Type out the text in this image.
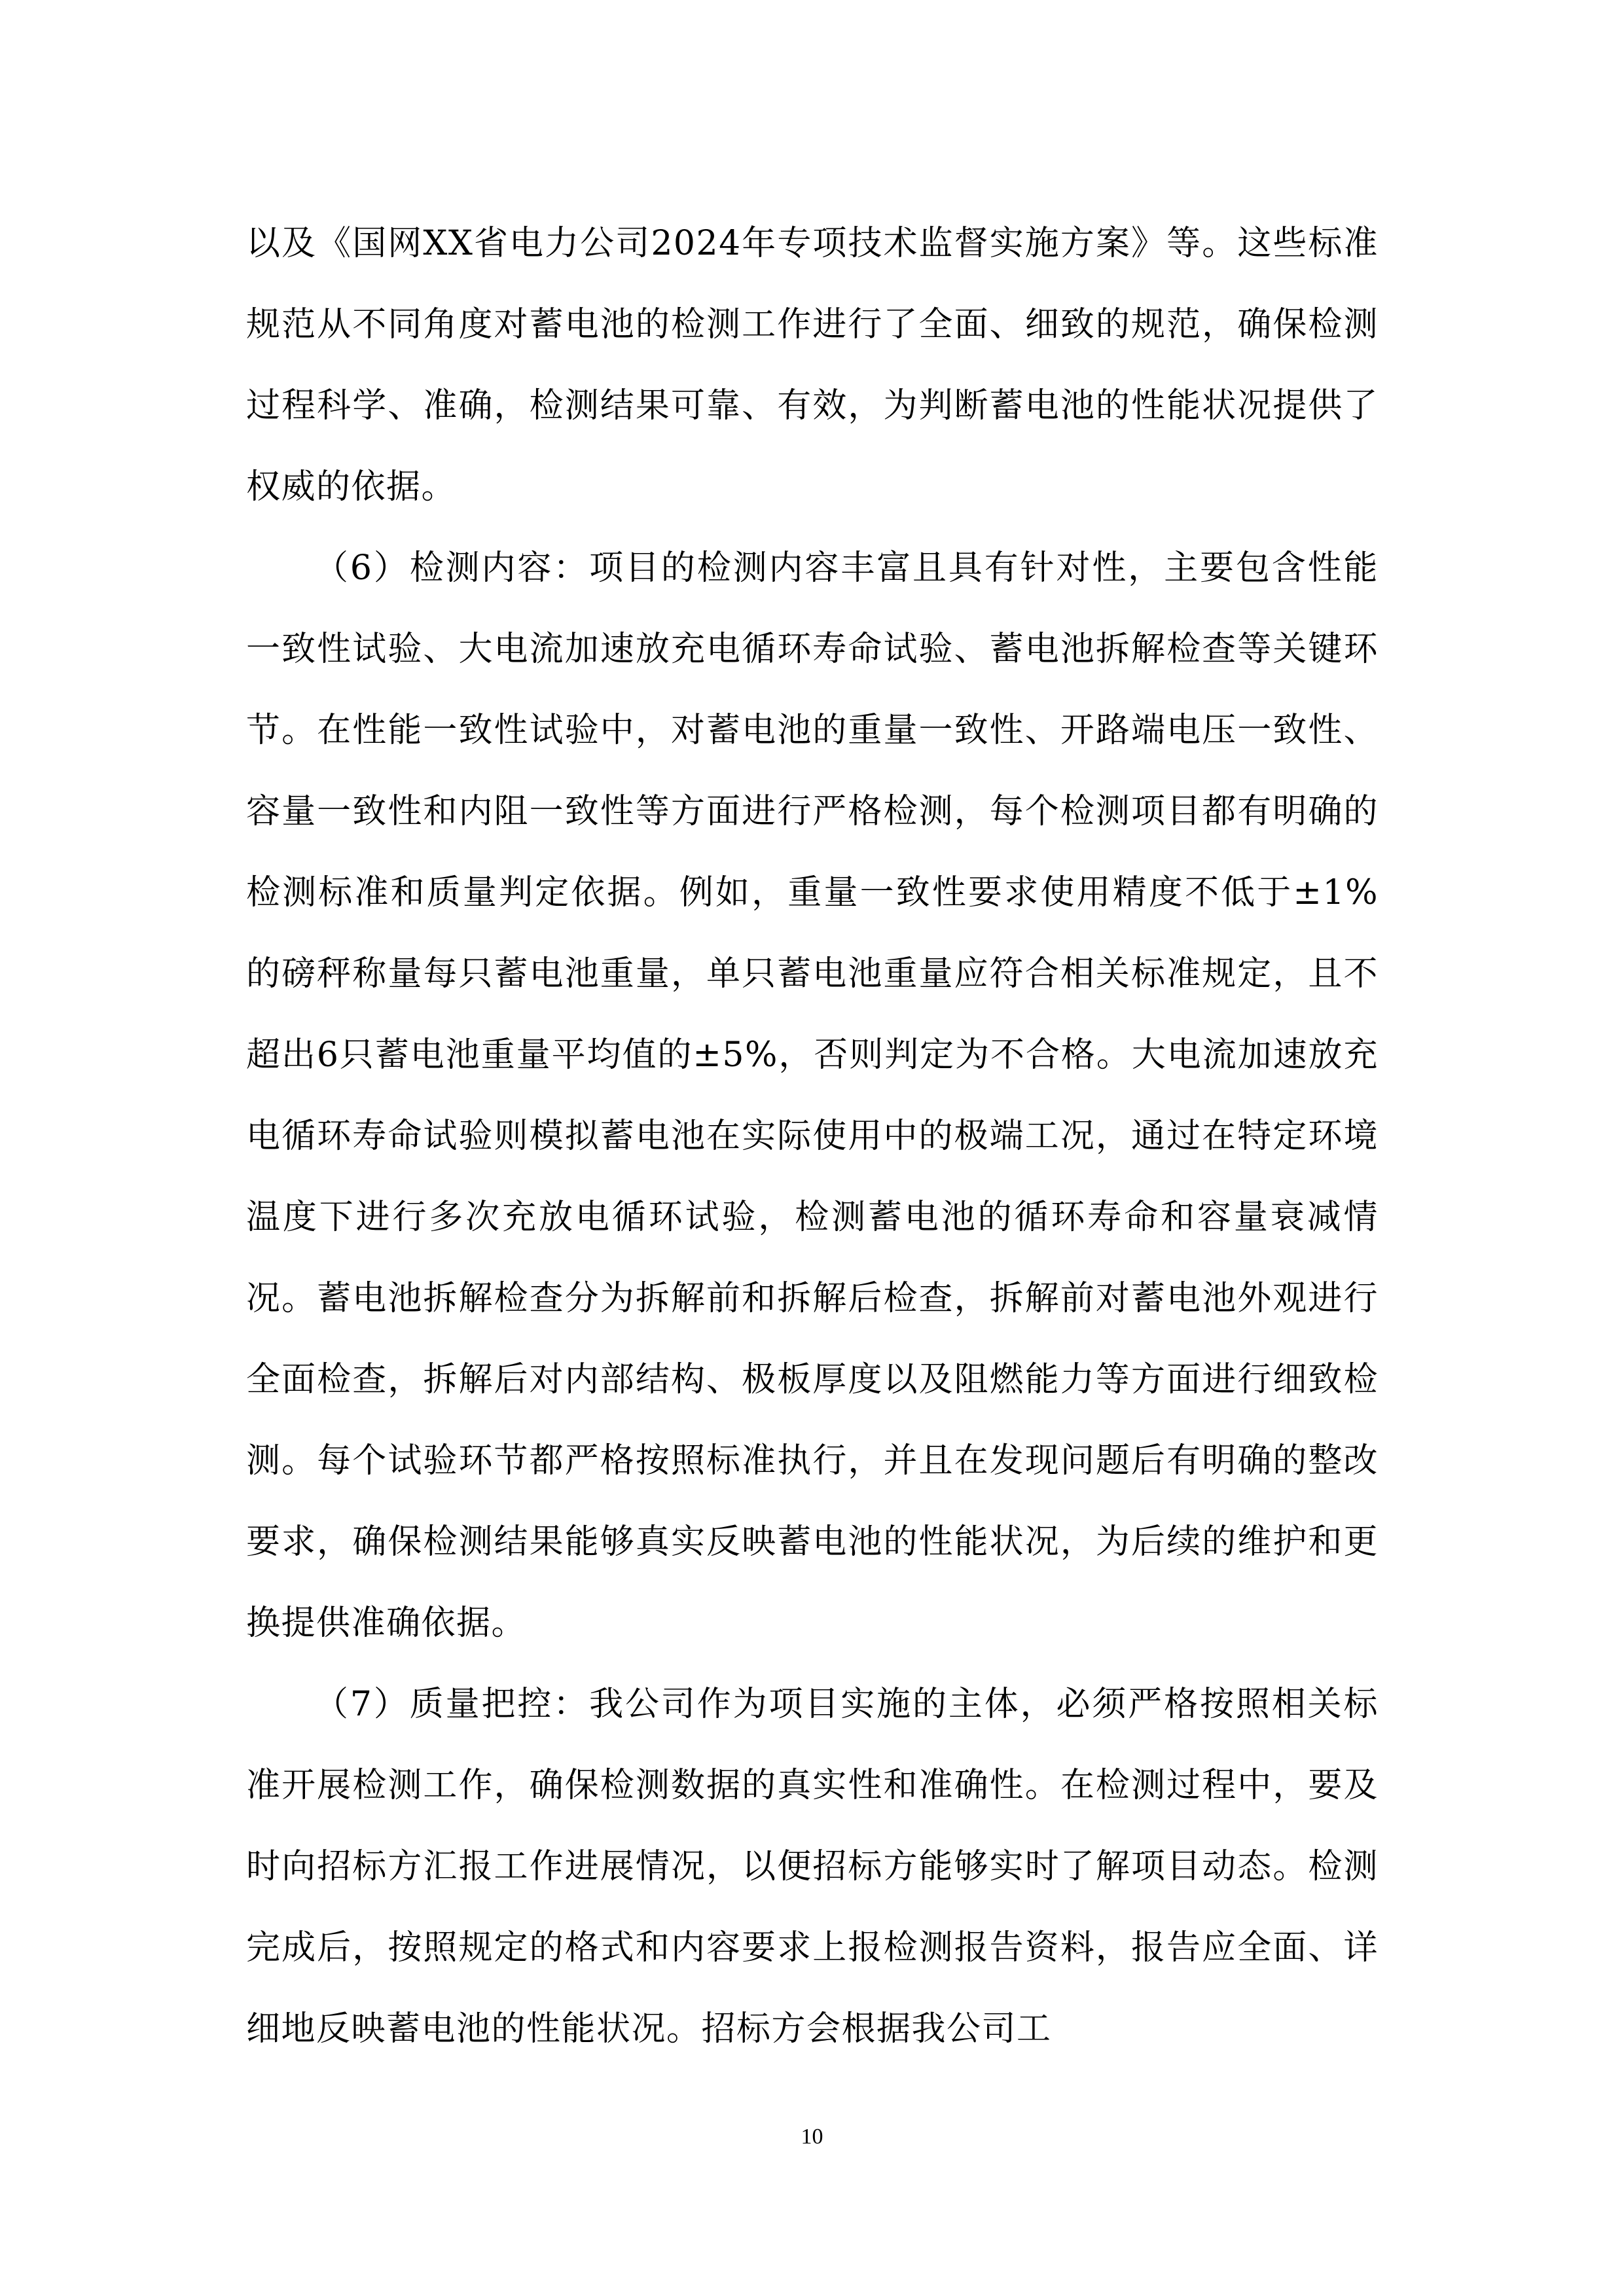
以及《国网XX省电力公司2024年专项技术监督实施方案》等。这些标准规范从不同角度对蓄电池的检测工作进行了全面、细致的规范，确保检测过程科学、准确，检测结果可靠、有效，为判断蓄电池的性能状况提供了权威的依据。

（6）检测内容：项目的检测内容丰富且具有针对性，主要包含性能一致性试验、大电流加速放充电循环寿命试验、蓄电池拆解检查等关键环节。在性能一致性试验中，对蓄电池的重量一致性、开路端电压一致性、容量一致性和内阻一致性等方面进行严格检测，每个检测项目都有明确的检测标准和质量判定依据。例如，重量一致性要求使用精度不低于±1%的磅秤称量每只蓄电池重量，单只蓄电池重量应符合相关标准规定，且不超出6只蓄电池重量平均值的±5%，否则判定为不合格。大电流加速放充电循环寿命试验则模拟蓄电池在实际使用中的极端工况，通过在特定环境温度下进行多次充放电循环试验，检测蓄电池的循环寿命和容量衰减情况。蓄电池拆解检查分为拆解前和拆解后检查，拆解前对蓄电池外观进行全面检查，拆解后对内部结构、极板厚度以及阻燃能力等方面进行细致检测。每个试验环节都严格按照标准执行，并且在发现问题后有明确的整改要求，确保检测结果能够真实反映蓄电池的性能状况，为后续的维护和更换提供准确依据。

（7）质量把控：我公司作为项目实施的主体，必须严格按照相关标准开展检测工作，确保检测数据的真实性和准确性。在检测过程中，要及时向招标方汇报工作进展情况，以便招标方能够实时了解项目动态。检测完成后，按照规定的格式和内容要求上报检测报告资料，报告应全面、详细地反映蓄电池的性能状况。招标方会根据我公司工

10
